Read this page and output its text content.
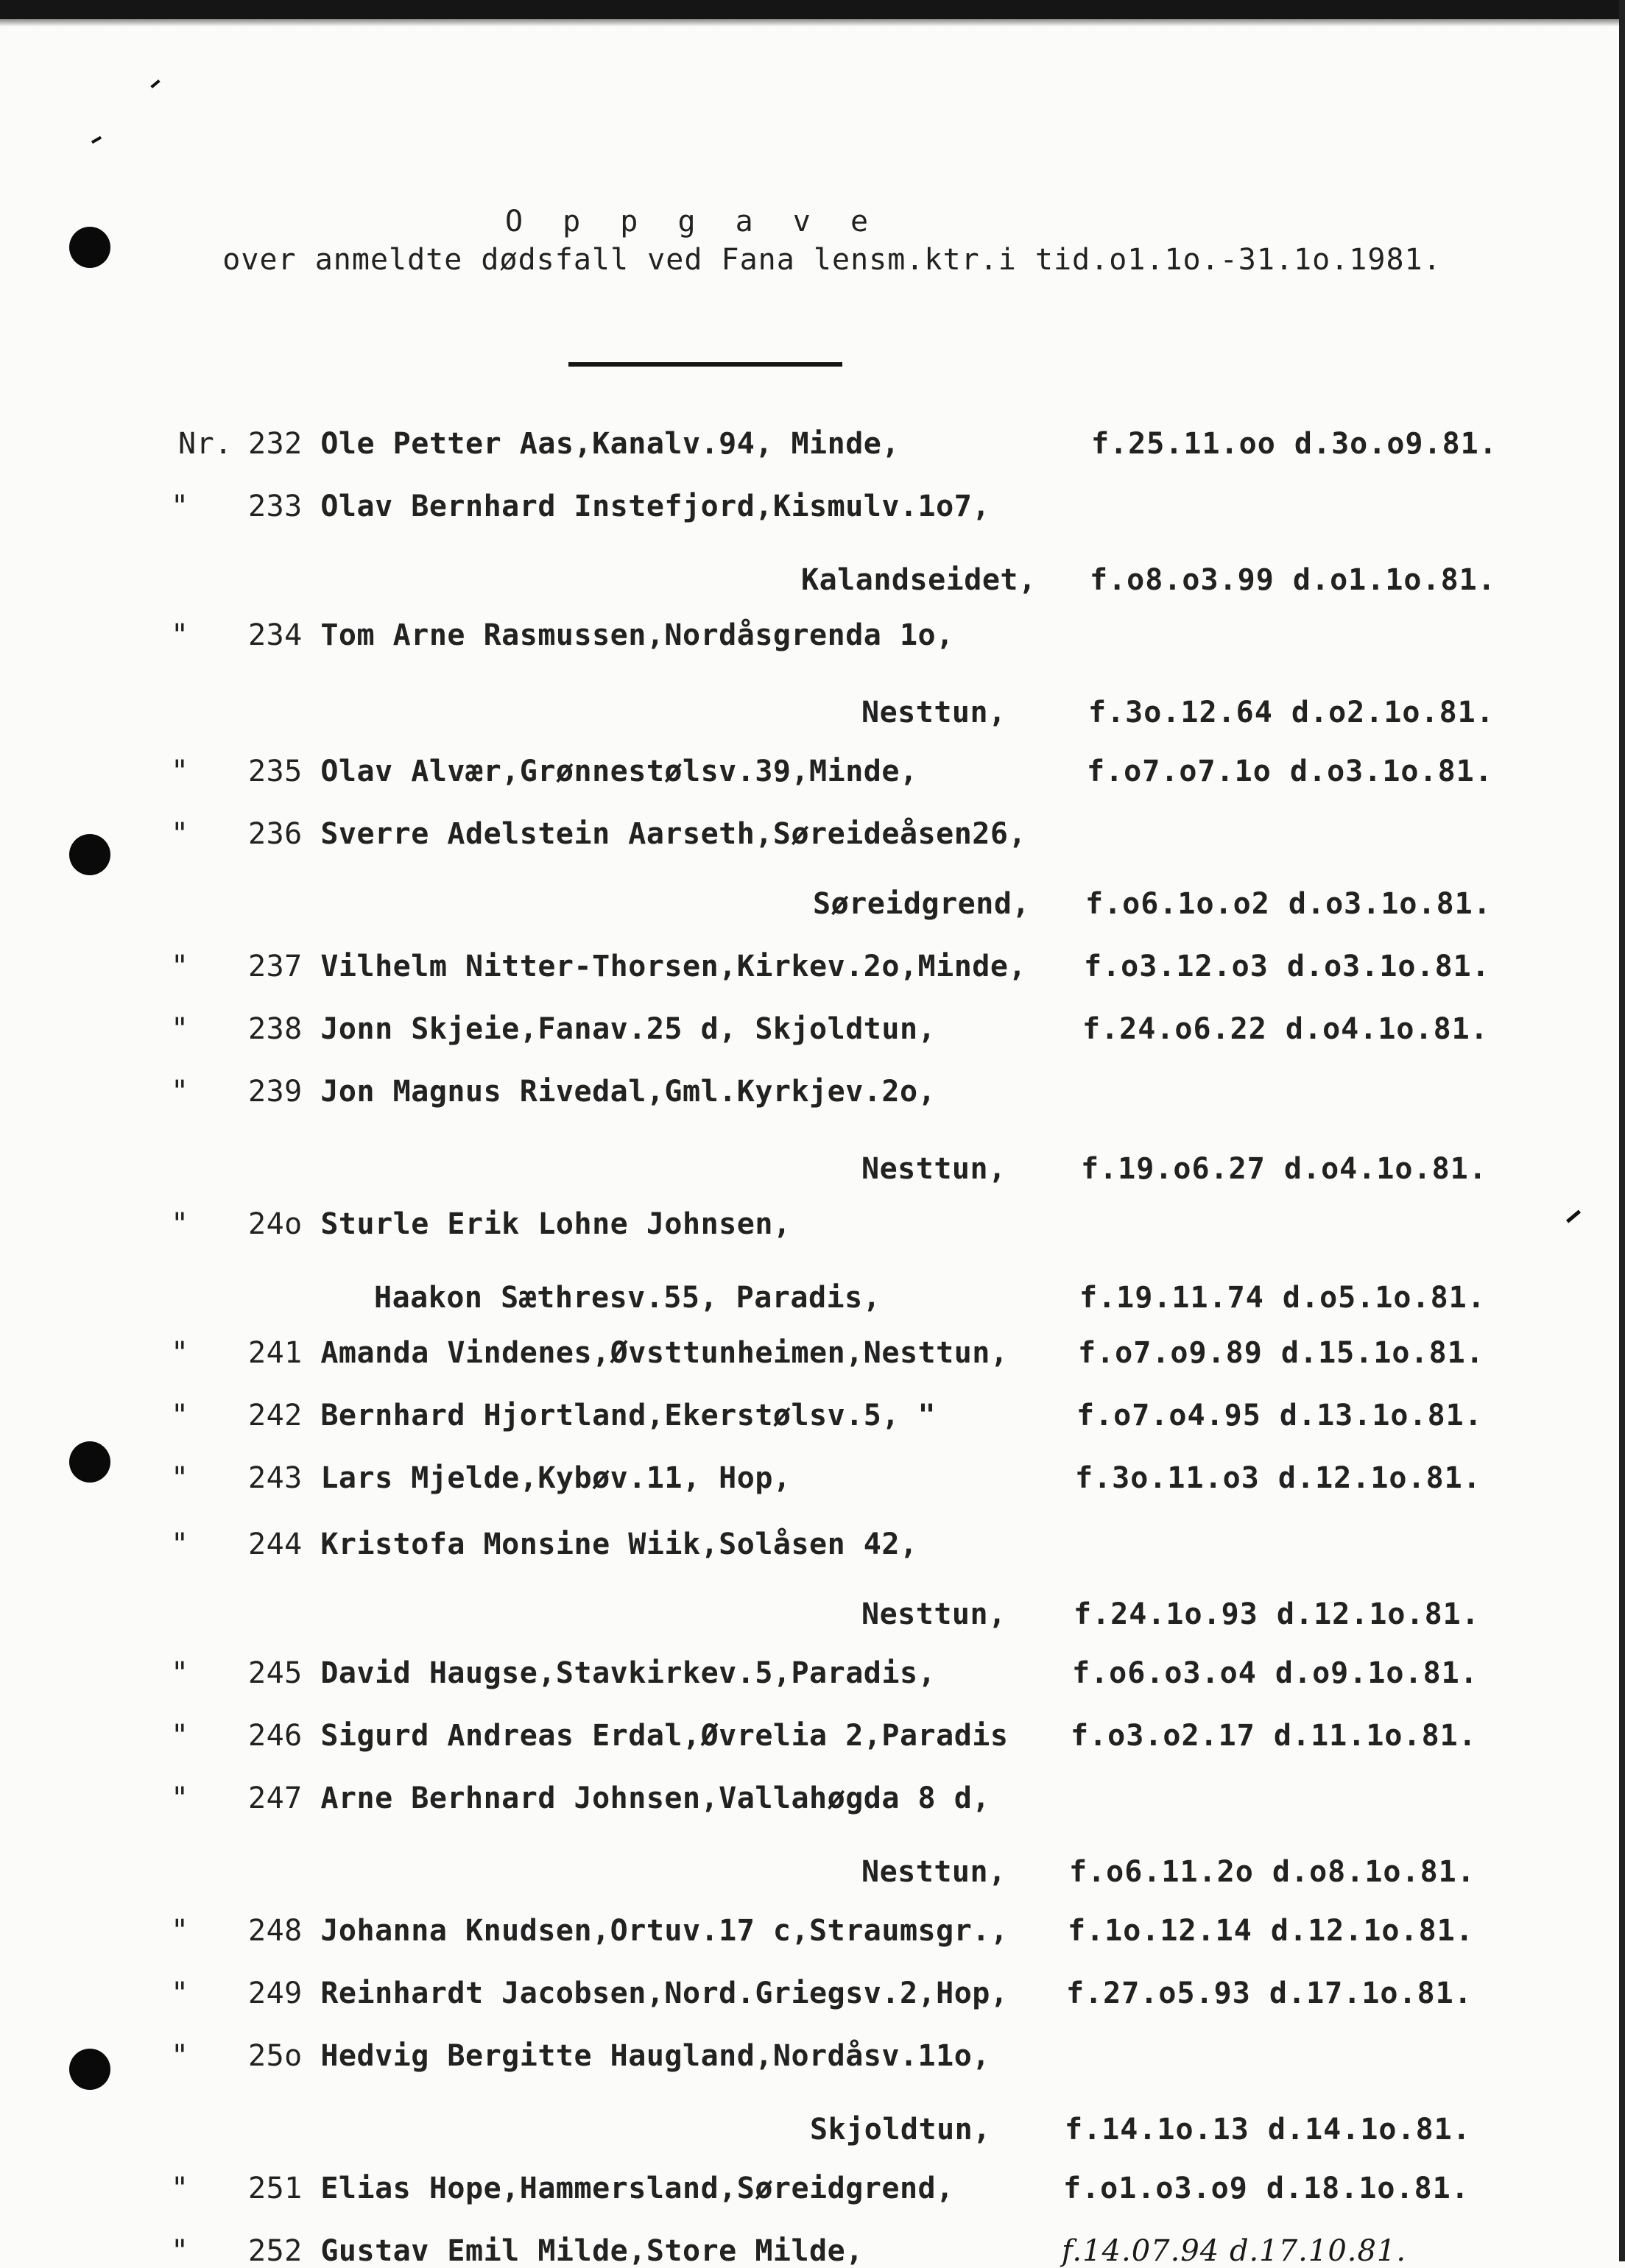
O p p g a v e
over anmeldte dødsfall ved Fana lensm.ktr.i tid.o1.1o.-31.1o.1981.
Nr. 232 Ole Petter Aas,Kanalv.94, Minde,	f.25.11.oo d.3o.o9.81.
" 233 Olav Bernhard Instefjord,Kismulv.1o7,
Kalandseidet, f.o8.o3.99 d.o1.1o.81.
" 234 Tom Arne Rasmussen,Nordåsgrenda 1o,
Nesttun,	f.3o.12.64 d.o2.1o.81.
" 235 Olav Alvær,Grønnestølsv.39,Minde,	f.o7.o7.1o d.o3.1o.81.
" 236 Sverre Adelstein Aarseth,Søreideåsen26,
Søreidgrend, f.o6.1o.o2 d.o3.1o.81.
" 237 Vilhelm Nitter-Thorsen,Kirkev.2o,Minde, f.o3.12.o3 d.o3.1o.81.
" 238 Jonn Skjeie,Fanav.25 d, Skjoldtun,	f.24.o6.22 d.o4.1o.81.
" 239 Jon Magnus Rivedal,Gml.Kyrkjev.2o,
Nesttun,	f.19.o6.27 d.o4.1o.81.
" 24o Sturle Erik Lohne Johnsen,
Haakon Sæthresv.55, Paradis,	f.19.11.74 d.o5.1o.81.
" 241 Amanda Vindenes,Øvsttunheimen,Nesttun, f.o7.o9.89 d.15.1o.81.
" 242 Bernhard Hjortland,Ekerstølsv.5, "	f.o7.o4.95 d.13.1o.81.
" 243 Lars Mjelde,Kybøv.11, Hop,	f.3o.11.o3 d.12.1o.81.
" 244 Kristofa Monsine Wiik,Solåsen 42,
Nesttun, f.24.1o.93 d.12.1o.81.
" 245 David Haugse,Stavkirkev.5,Paradis,	f.o6.o3.o4 d.o9.1o.81.
" 246 Sigurd Andreas Erdal,Øvrelia 2,Paradis f.o3.o2.17 d.11.1o.81.
" 247 Arne Berhnard Johnsen,Vallahøgda 8 d,
Nesttun, f.o6.11.2o d.o8.1o.81.
" 248 Johanna Knudsen,Ortuv.17 c,Straumsgr., f.1o.12.14 d.12.1o.81.
" 249 Reinhardt Jacobsen,Nord.Griegsv.2,Hop, f.27.o5.93 d.17.1o.81.
" 25o Hedvig Bergitte Haugland,Nordåsv.11o,
Skjoldtun,	f.14.1o.13 d.14.1o.81.
" 251 Elias Hope,Hammersland,Søreidgrend,	f.o1.o3.o9 d.18.1o.81.
" 252 Gustav Emil Milde,Store Milde,	f.14.07.94 d.17.10.81.
